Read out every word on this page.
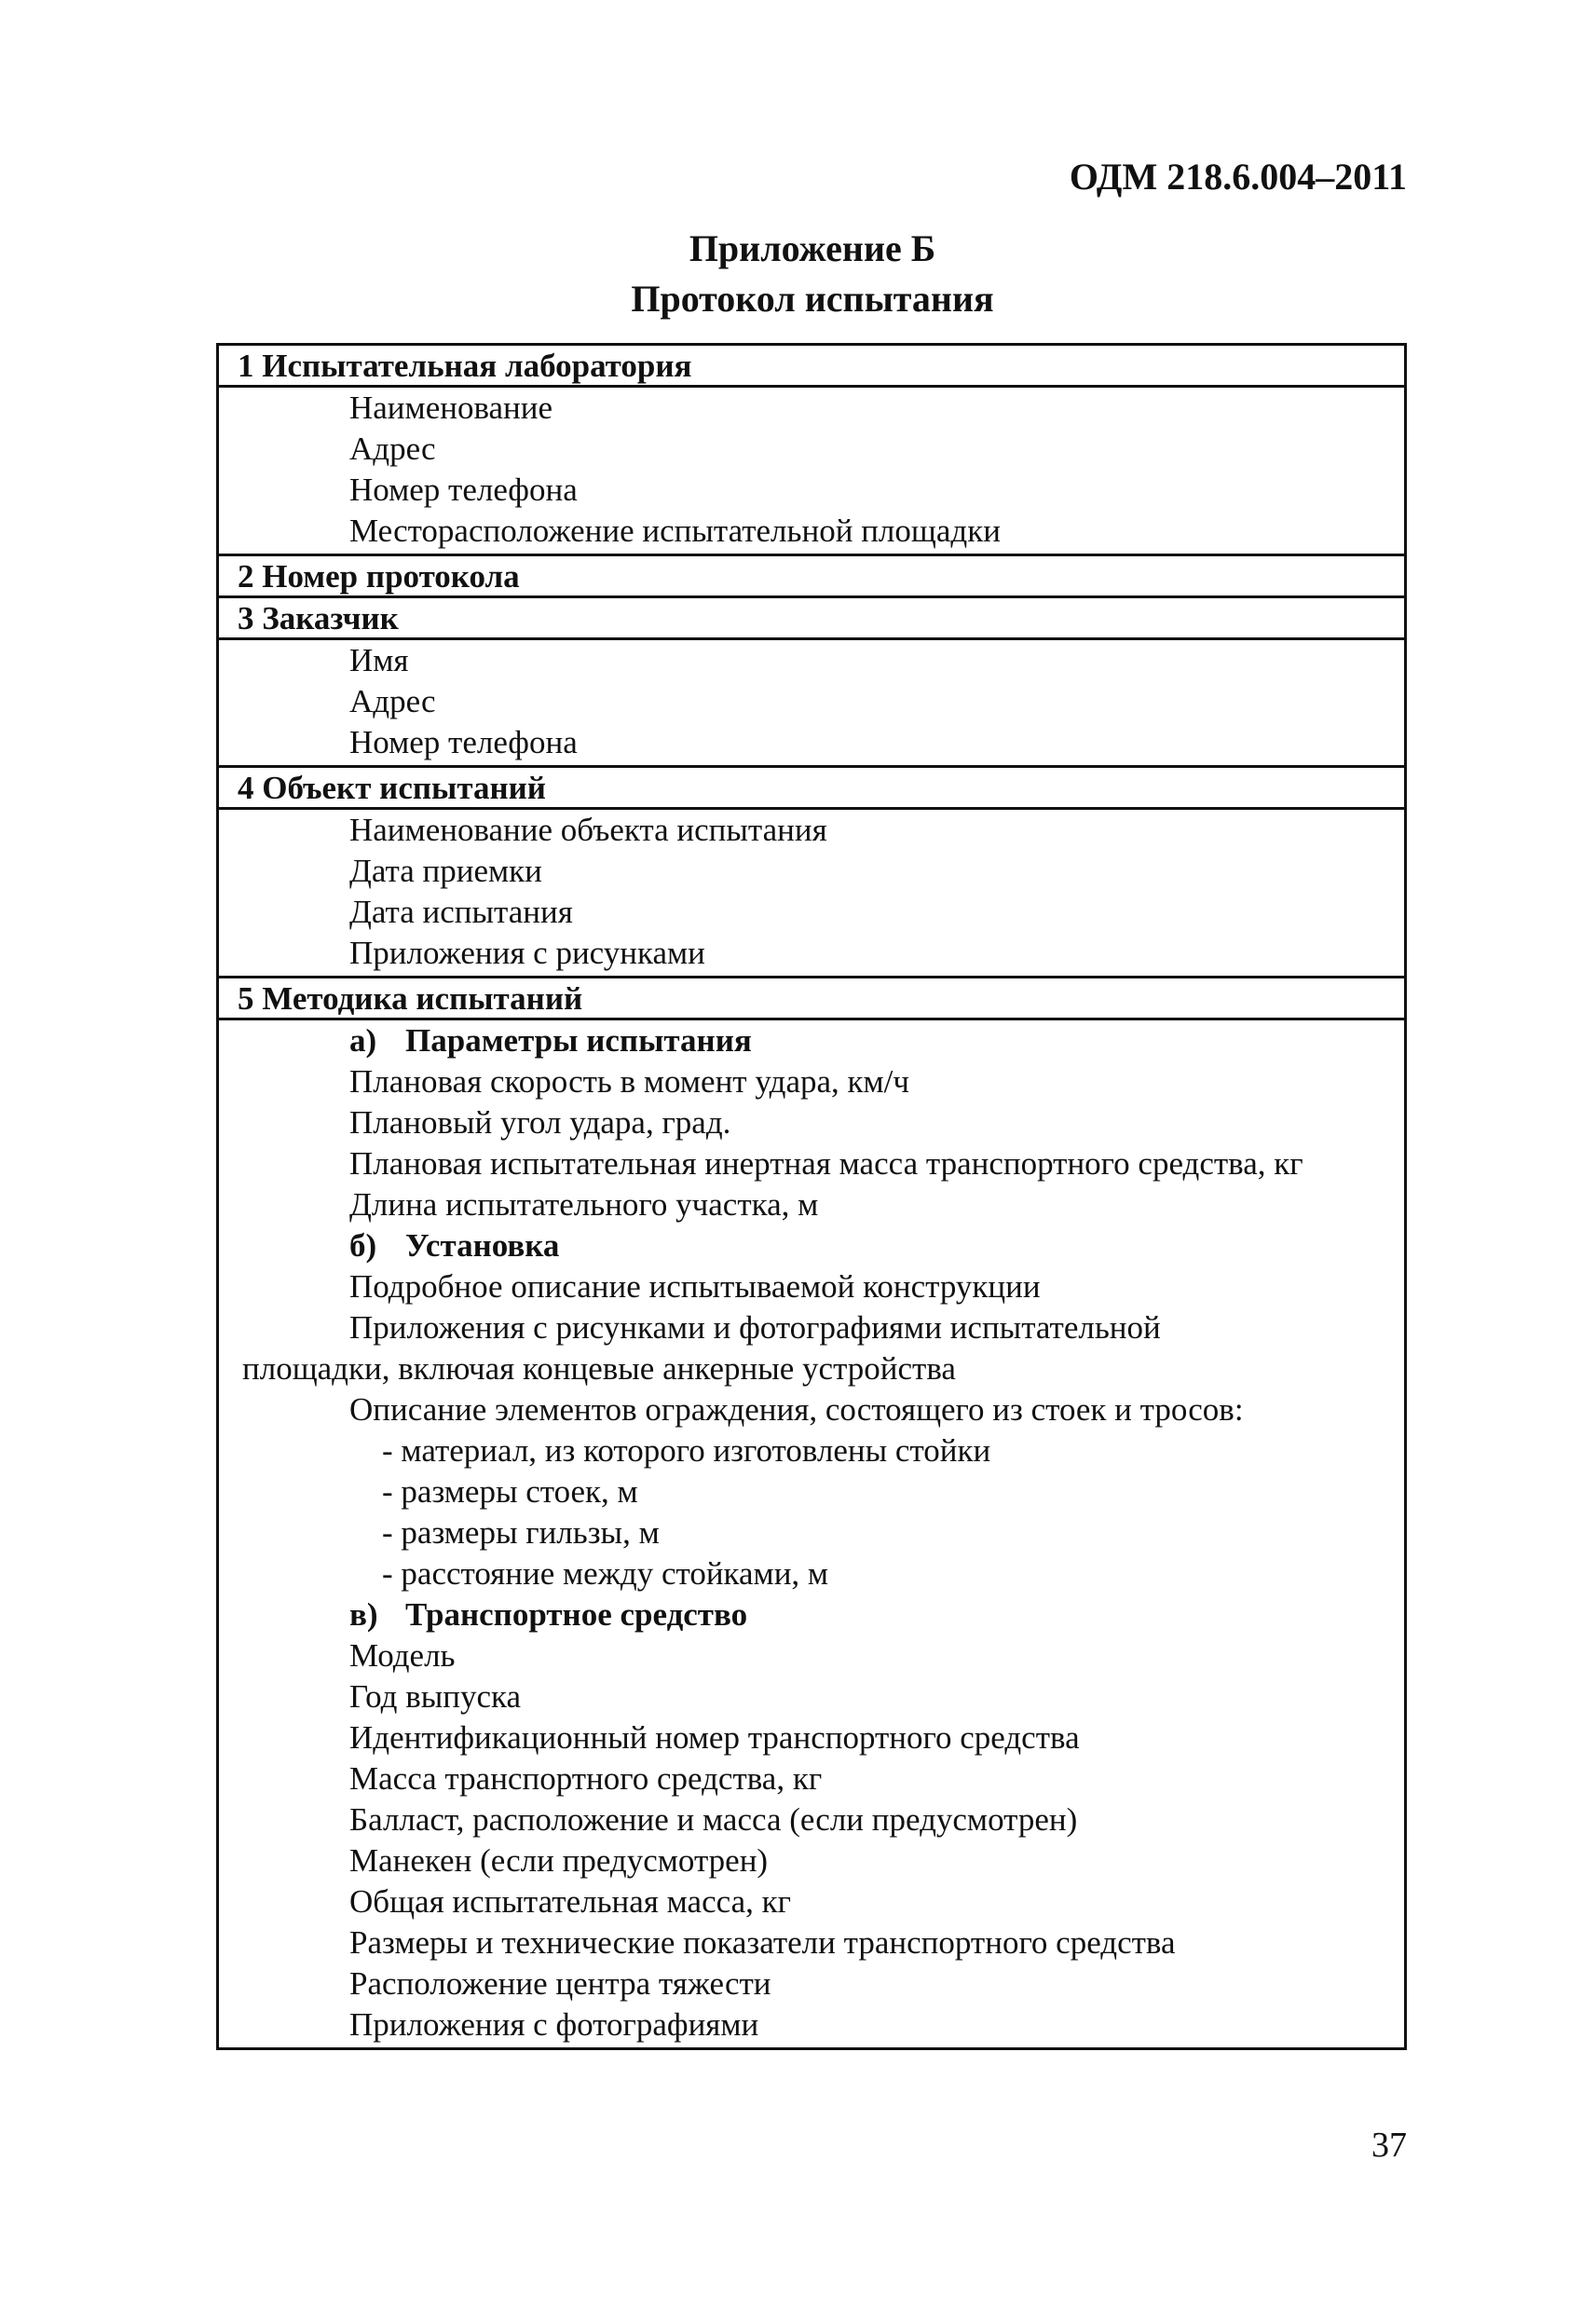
ОДМ 218.6.004–2011
Приложение Б
Протокол испытания
1 Испытательная лаборатория
Наименование
Адрес
Номер телефона
Месторасположение испытательной площадки
2 Номер протокола
3 Заказчик
Имя
Адрес
Номер телефона
4 Объект испытаний
Наименование объекта испытания
Дата приемки
Дата испытания
Приложения с рисунками
5 Методика испытаний
а) Параметры испытания
Плановая скорость в момент удара, км/ч
Плановый угол удара, град.
Плановая испытательная инертная масса транспортного средства, кг
Длина испытательного участка, м
б) Установка
Подробное описание испытываемой конструкции
Приложения с рисунками и фотографиями испытательной
площадки, включая концевые анкерные устройства
Описание элементов ограждения, состоящего из стоек и тросов:
- материал, из которого изготовлены стойки
- размеры стоек, м
- размеры гильзы, м
- расстояние между стойками, м
в) Транспортное средство
Модель
Год выпуска
Идентификационный номер транспортного средства
Масса транспортного средства, кг
Балласт, расположение и масса (если предусмотрен)
Манекен (если предусмотрен)
Общая испытательная масса, кг
Размеры и технические показатели транспортного средства
Расположение центра тяжести
Приложения с фотографиями
37
